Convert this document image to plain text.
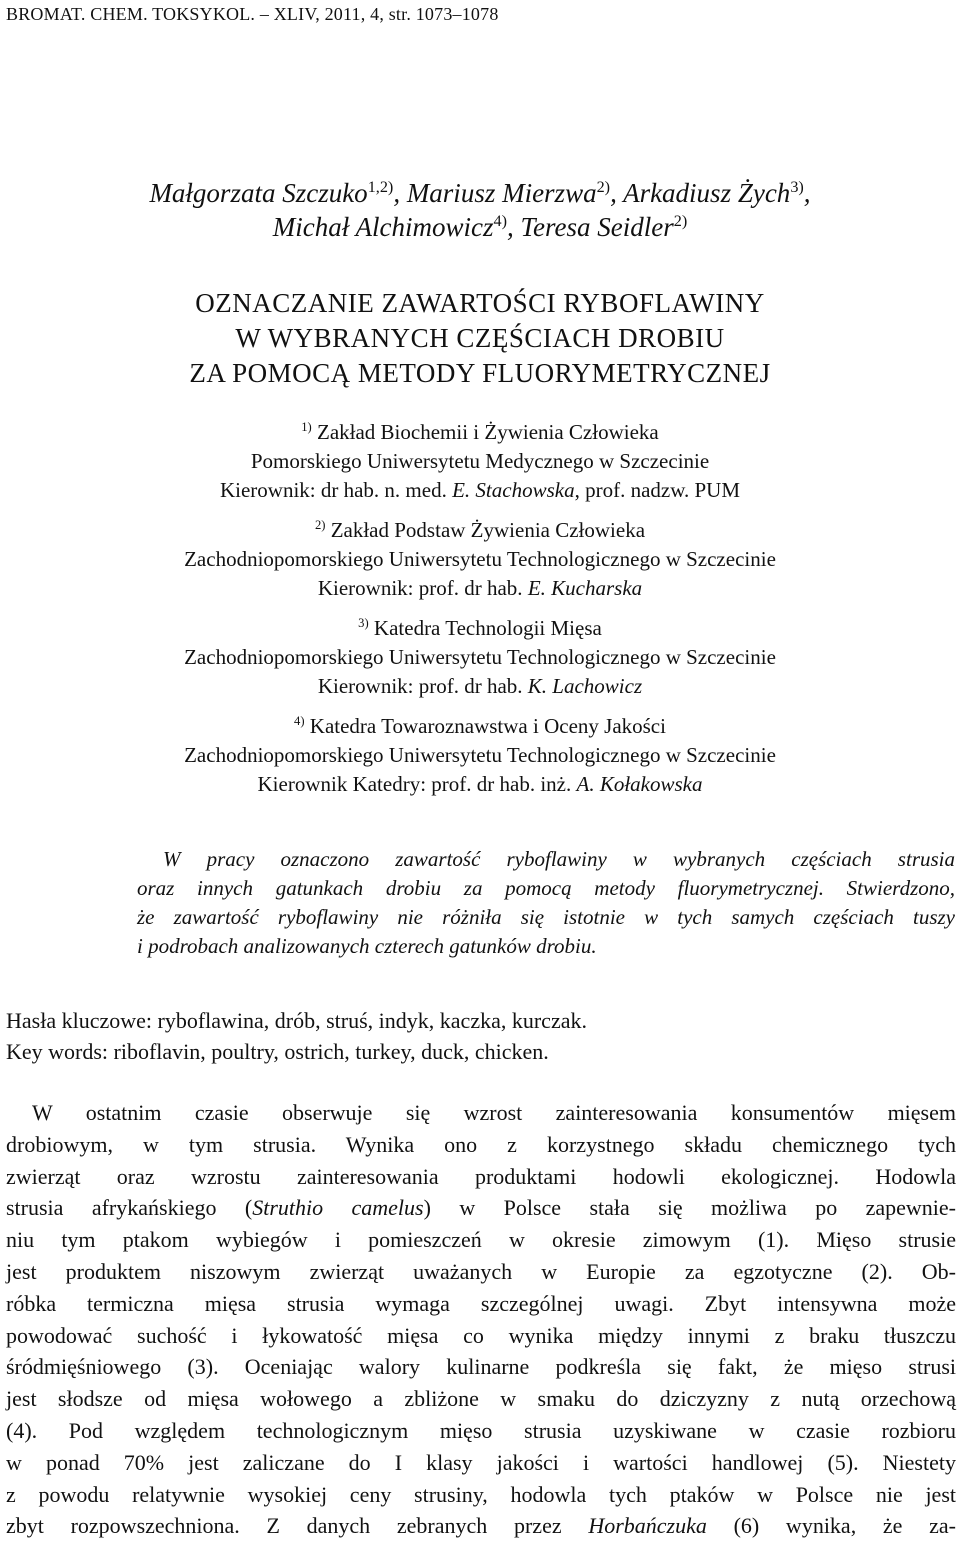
BROMAT. CHEM. TOKSYKOL. – XLIV, 2011, 4, str. 1073–1078
Małgorzata Szczuko$^{1,2)}$, Mariusz Mierzwa$^{2)}$, Arkadiusz Żych$^{3)}$,
Michał Alchimowicz$^{4)}$, Teresa Seidler$^{2)}$
OZNACZANIE ZAWARTOŚCI RYBOFLAWINY
W WYBRANYCH CZĘŚCIACH DROBIU
ZA POMOCĄ METODY FLUORYMETRYCZNEJ
$^{1)}$ Zakład Biochemii i Żywienia Człowieka
Pomorskiego Uniwersytetu Medycznego w Szczecinie
Kierownik: dr hab. n. med. E. Stachowska, prof. nadzw. PUM
$^{2)}$ Zakład Podstaw Żywienia Człowieka
Zachodniopomorskiego Uniwersytetu Technologicznego w Szczecinie
Kierownik: prof. dr hab. E. Kucharska
$^{3)}$ Katedra Technologii Mięsa
Zachodniopomorskiego Uniwersytetu Technologicznego w Szczecinie
Kierownik: prof. dr hab. K. Lachowicz
$^{4)}$ Katedra Towaroznawstwa i Oceny Jakości
Zachodniopomorskiego Uniwersytetu Technologicznego w Szczecinie
Kierownik Katedry: prof. dr hab. inż. A. Kołakowska
W pracy oznaczono zawartość ryboflawiny w wybranych częściach strusia
oraz innych gatunkach drobiu za pomocą metody fluorymetrycznej. Stwierdzono,
że zawartość ryboflawiny nie różniła się istotnie w tych samych częściach tuszy
i podrobach analizowanych czterech gatunków drobiu.
Hasła kluczowe: ryboflawina, drób, struś, indyk, kaczka, kurczak.
Key words: riboflavin, poultry, ostrich, turkey, duck, chicken.
W ostatnim czasie obserwuje się wzrost zainteresowania konsumentów mięsem
drobiowym, w tym strusia. Wynika ono z korzystnego składu chemicznego tych
zwierząt oraz wzrostu zainteresowania produktami hodowli ekologicznej. Hodowla
strusia afrykańskiego (Struthio camelus) w Polsce stała się możliwa po zapewnie-
niu tym ptakom wybiegów i pomieszczeń w okresie zimowym (1). Mięso strusie
jest produktem niszowym zwierząt uważanych w Europie za egzotyczne (2). Ob-
róbka termiczna mięsa strusia wymaga szczególnej uwagi. Zbyt intensywna może
powodować suchość i łykowatość mięsa co wynika między innymi z braku tłuszczu
śródmięśniowego (3). Oceniając walory kulinarne podkreśla się fakt, że mięso strusi
jest słodsze od mięsa wołowego a zbliżone w smaku do dziczyzny z nutą orzechową
(4). Pod względem technologicznym mięso strusia uzyskiwane w czasie rozbioru
w ponad 70% jest zaliczane do I klasy jakości i wartości handlowej (5). Niestety
z powodu relatywnie wysokiej ceny strusiny, hodowla tych ptaków w Polsce nie jest
zbyt rozpowszechniona. Z danych zebranych przez Horbańczuka (6) wynika, że za-
